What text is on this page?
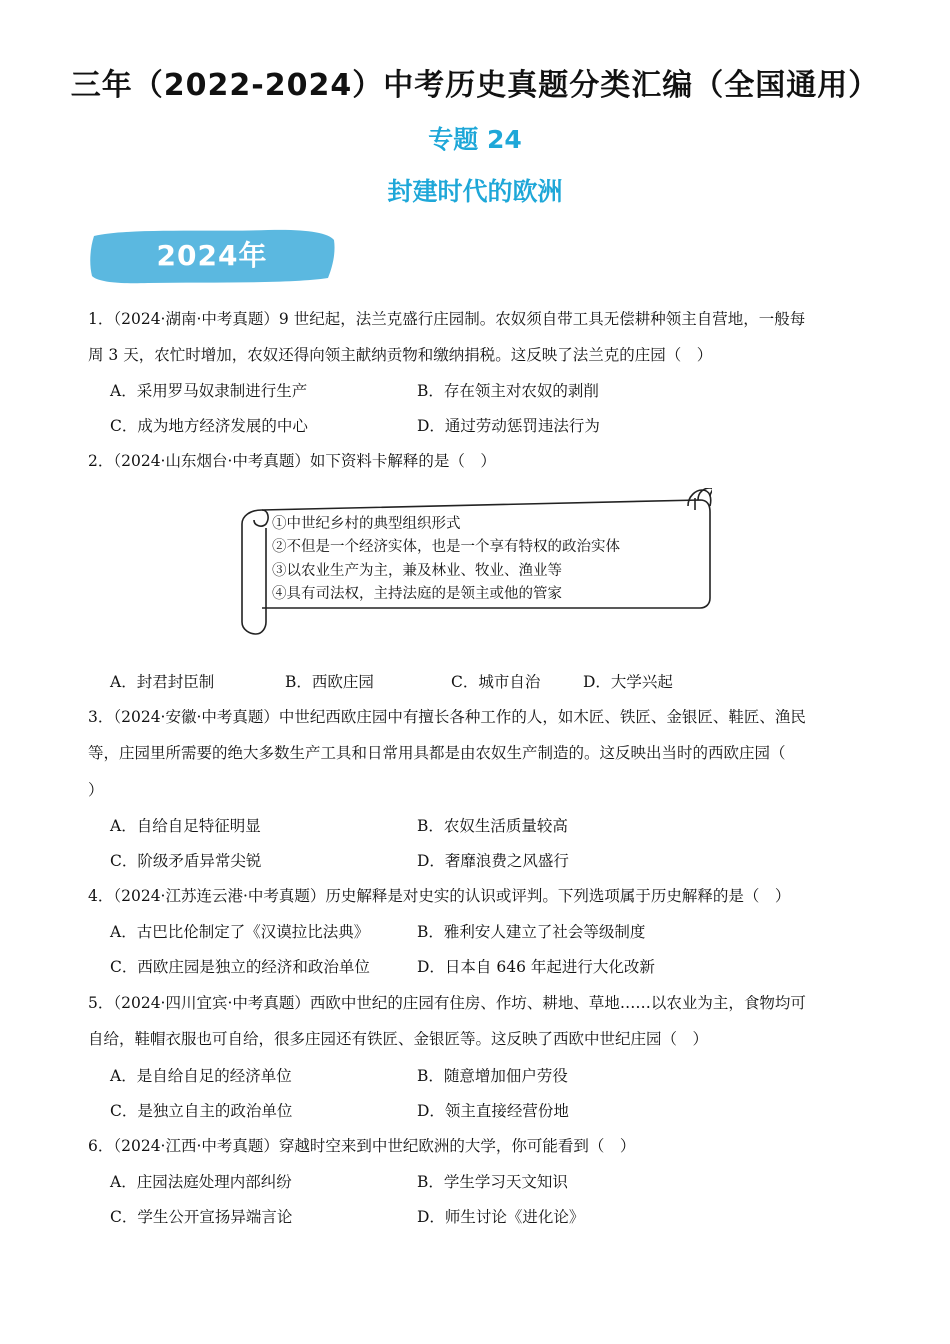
三年（2022-2024）中考历史真题分类汇编（全国通用）
专题 24
封建时代的欧洲
2024年
1．（2024·湖南·中考真题）9 世纪起，法兰克盛行庄园制。农奴须自带工具无偿耕种领主自营地，一般每
周 3 天，农忙时增加，农奴还得向领主献纳贡物和缴纳捐税。这反映了法兰克的庄园（　）
A．采用罗马奴隶制进行生产	B．存在领主对农奴的剥削
C．成为地方经济发展的中心	D．通过劳动惩罚违法行为
2．（2024·山东烟台·中考真题）如下资料卡解释的是（　）
①中世纪乡村的典型组织形式
②不但是一个经济实体，也是一个享有特权的政治实体
③以农业生产为主，兼及林业、牧业、渔业等
④具有司法权，主持法庭的是领主或他的管家
A．封君封臣制	B．西欧庄园	C．城市自治	D．大学兴起
3．（2024·安徽·中考真题）中世纪西欧庄园中有擅长各种工作的人，如木匠、铁匠、金银匠、鞋匠、渔民
等，庄园里所需要的绝大多数生产工具和日常用具都是由农奴生产制造的。这反映出当时的西欧庄园（
）
A．自给自足特征明显	B．农奴生活质量较高
C．阶级矛盾异常尖锐	D．奢靡浪费之风盛行
4．（2024·江苏连云港·中考真题）历史解释是对史实的认识或评判。下列选项属于历史解释的是（　）
A．古巴比伦制定了《汉谟拉比法典》	B．雅利安人建立了社会等级制度
C．西欧庄园是独立的经济和政治单位	D．日本自 646 年起进行大化改新
5．（2024·四川宜宾·中考真题）西欧中世纪的庄园有住房、作坊、耕地、草地……以农业为主，食物均可
自给，鞋帽衣服也可自给，很多庄园还有铁匠、金银匠等。这反映了西欧中世纪庄园（　）
A．是自给自足的经济单位	B．随意增加佃户劳役
C．是独立自主的政治单位	D．领主直接经营份地
6．（2024·江西·中考真题）穿越时空来到中世纪欧洲的大学，你可能看到（　）
A．庄园法庭处理内部纠纷	B．学生学习天文知识
C．学生公开宣扬异端言论	D．师生讨论《进化论》
